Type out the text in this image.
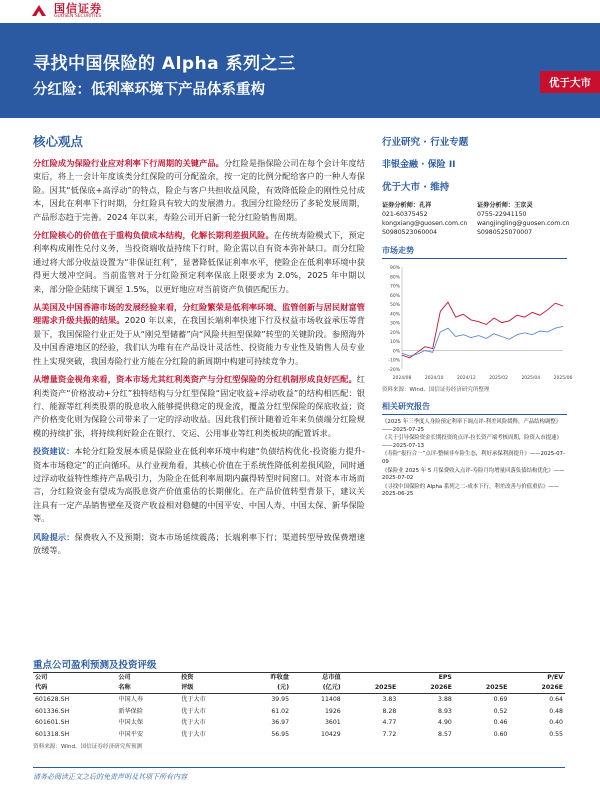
国信证券
GUOSEN SECURITIES
寻找中国保险的 Alpha 系列之三
分红险：低利率环境下产品体系重构	优于大市
核心观点

分红险成为保险行业应对利率下行周期的关键产品。分红险是指保险公司在每个会计年度结束后，将上一会计年度该类分红保险的可分配盈余，按一定的比例分配给客户的一种人寿保险。因其“低保底+高浮动”的特点，险企与客户共担收益风险，有效降低险企的刚性兑付成本，因此在利率下行时期，分红险具有较大的发展潜力。我国分红险经历了多轮发展周期，产品形态趋于完善。2024 年以来，寿险公司开启新一轮分红险销售周期。

分红险核心的价值在于重构负债成本结构，化解长期利差损风险。在传统寿险模式下，预定利率构成刚性兑付义务，当投资端收益持续下行时，险企需以自有资本弥补缺口。而分红险通过将大部分收益设置为“非保证红利”，显著降低保证利率水平，使险企在低利率环境中获得更大缓冲空间。当前监管对于分红险预定利率保底上限要求为 2.0%，2025 年中期以来，部分险企陆续下调至 1.5%，以更好地应对当前资产负债匹配压力。

从美国及中国香港市场的发展经验来看，分红险繁荣是低利率环境、监管创新与居民财富管理需求升级共振的结果。2020 年以来，在我国长端利率快速下行及权益市场收益承压等背景下，我国保险行业正处于从“刚兑型储蓄”向“风险共担型保障”转型的关键阶段。参照海外及中国香港地区的经验，我们认为唯有在产品设计灵活性、投资能力专业性及销售人员专业性上实现突破，我国寿险行业方能在分红险的新周期中构建可持续竞争力。

从增量资金视角来看，资本市场尤其红利类资产与分红型保险的分红机制形成良好匹配。红利类资产“价格波动+分红”独特结构与分红型保险“固定收益+浮动收益”的结构相匹配：银行、能源等红利类股票的股息收入能够提供稳定的现金流，覆盖分红型保险的保底收益；资产价格变化则为保险公司带来了一定的浮动收益。因此我们预计随着近年来负债端分红险规模的持续扩张，将持续利好险企在银行、交运、公用事业等红利类板块的配置诉求。

投资建议：本轮分红险发展本质是保险业在低利率环境中构建“负债结构优化-投资能力提升-资本市场稳定”的正向循环。从行业视角看，其核心价值在于系统性降低利差损风险，同时通过浮动收益特性维持产品吸引力，为险企在低利率周期内赢得转型时间窗口。对资本市场而言，分红险资金有望成为高股息资产价值重估的长期催化。在产品价值转型背景下，建议关注具有一定产品销售壁垒及资产收益相对稳健的中国平安、中国人寿、中国太保、新华保险等。

风险提示：保费收入不及预期；资本市场延续震荡；长端利率下行；渠道转型导致保费增速放缓等。

重点公司盈利预测及投资评级
公司	公司	投资	昨收盘	总市值	EPS		P/EV	
代码	名称	评级	(元)	(亿元)	2025E	2026E	2025E	2026E
601628.SH	中国人寿	优于大市	39.95	11408	3.83	3.88	0.69	0.64
601336.SH	新华保险	优于大市	61.02	1926	8.28	8.93	0.52	0.48
601601.SH	中国太保	优于大市	36.97	3601	4.77	4.90	0.46	0.40
601318.SH	中国平安	优于大市	56.95	10429	7.72	8.57	0.60	0.55
资料来源：Wind、国信证券经济研究所预测
请务必阅读正文之后的免责声明及其项下所有内容
行业研究 · 行业专题
非银金融 · 保险 II
优于大市 · 维持
证券分析师：孔祥
021-60375452
kongxiang@guosen.com.cn
S0980523060004
证券分析师：王京灵
0755-22941150
wangjingling@guosen.com.cn
S0980525070007
市场走势
90%
80%
70%
60%
50%
40%
30%
20%
10%
0%
-10%
-20%
2024/08	2024/10	2024/12	2025/02	2025/04	2025/06
资料来源：Wind、国信证券经济研究所整理
相关研究报告
《2025 年三季度人身险预定利率下调点评-利差风险缓释，产品结构调整》——2025-07-25
《关于引导保险资金长期投资的点评-拉长资产端考核周期，险资入市提速》——2025-07-13
《寿险“报行合一”点评-整顿非车险生态，利好承保利润提升》——2025-07-09
《保险业 2025 年 5 月保费收入点评-寿险月均增量回落负债结构优化》——2025-07-02
《寻找中国保险的 Alpha 系列之二-成本下行，利差改善与价值重估》——2025-06-25
